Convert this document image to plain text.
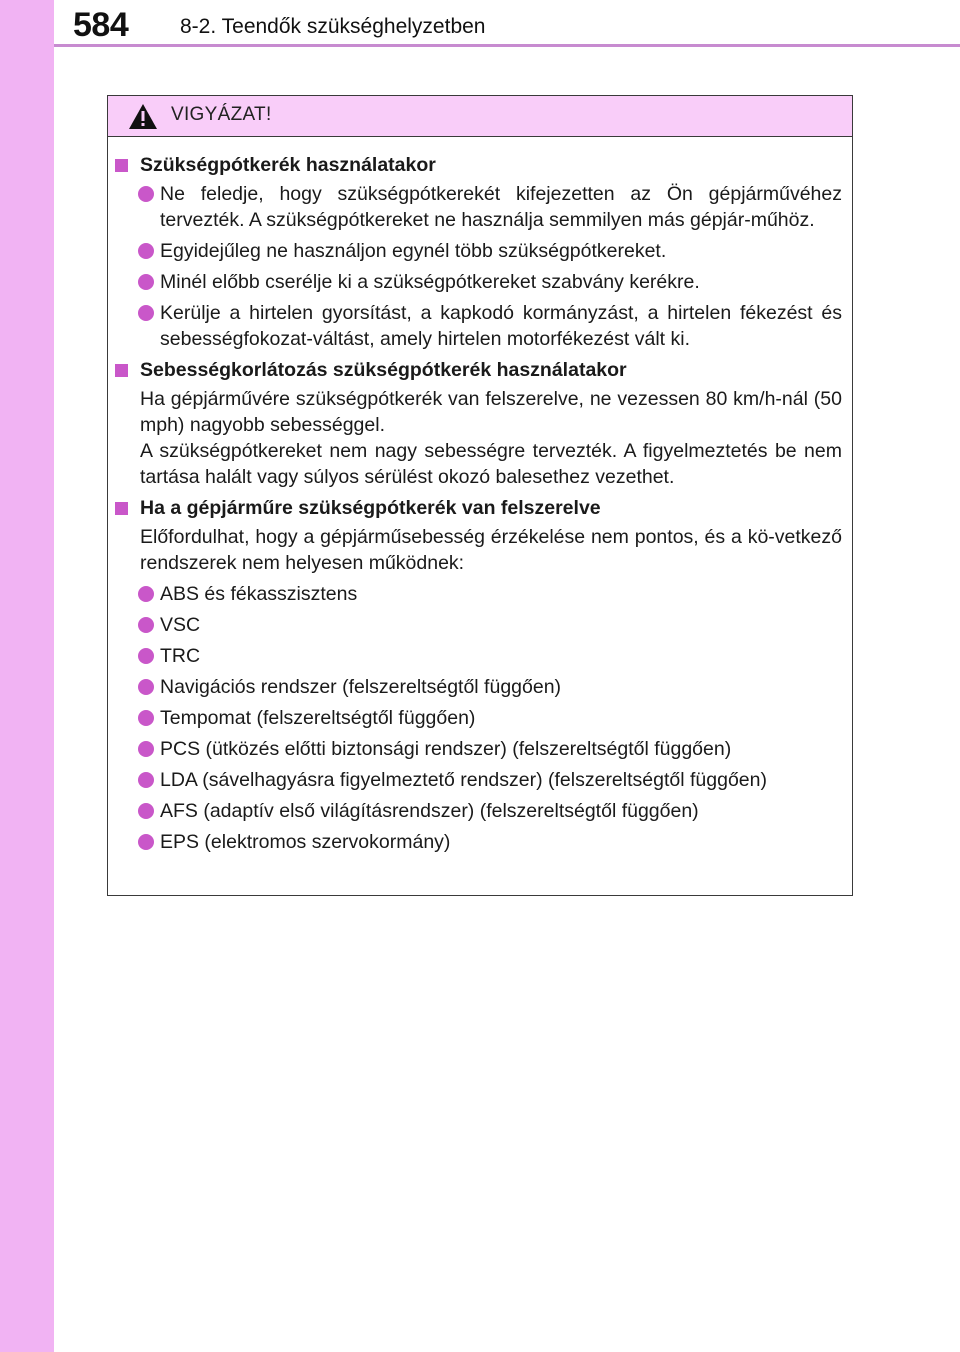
584 8-2. Teendők szükséghelyzetben
VIGYÁZAT!
Szükségpótkerék használatakor
Ne feledje, hogy szükségpótkerekét kifejezetten az Ön gépjárművéhez tervezték. A szükségpótkereket ne használja semmilyen más gépjár-műhöz.
Egyidejűleg ne használjon egynél több szükségpótkereket.
Minél előbb cserélje ki a szükségpótkereket szabvány kerékre.
Kerülje a hirtelen gyorsítást, a kapkodó kormányzást, a hirtelen fékezést és sebességfokozat-váltást, amely hirtelen motorfékezést vált ki.
Sebességkorlátozás szükségpótkerék használatakor
Ha gépjárművére szükségpótkerék van felszerelve, ne vezessen 80 km/h-nál (50 mph) nagyobb sebességgel.
A szükségpótkereket nem nagy sebességre tervezték. A figyelmeztetés be nem tartása halált vagy súlyos sérülést okozó balesethez vezethet.
Ha a gépjárműre szükségpótkerék van felszerelve
Előfordulhat, hogy a gépjárműsebesség érzékelése nem pontos, és a kö-vetkező rendszerek nem helyesen működnek:
ABS és fékasszisztens
VSC
TRC
Navigációs rendszer (felszereltségtől függően)
Tempomat (felszereltségtől függően)
PCS (ütközés előtti biztonsági rendszer) (felszereltségtől függően)
LDA (sávelhagyásra figyelmeztető rendszer) (felszereltségtől függően)
AFS (adaptív első világításrendszer) (felszereltségtől függően)
EPS (elektromos szervokormány)
